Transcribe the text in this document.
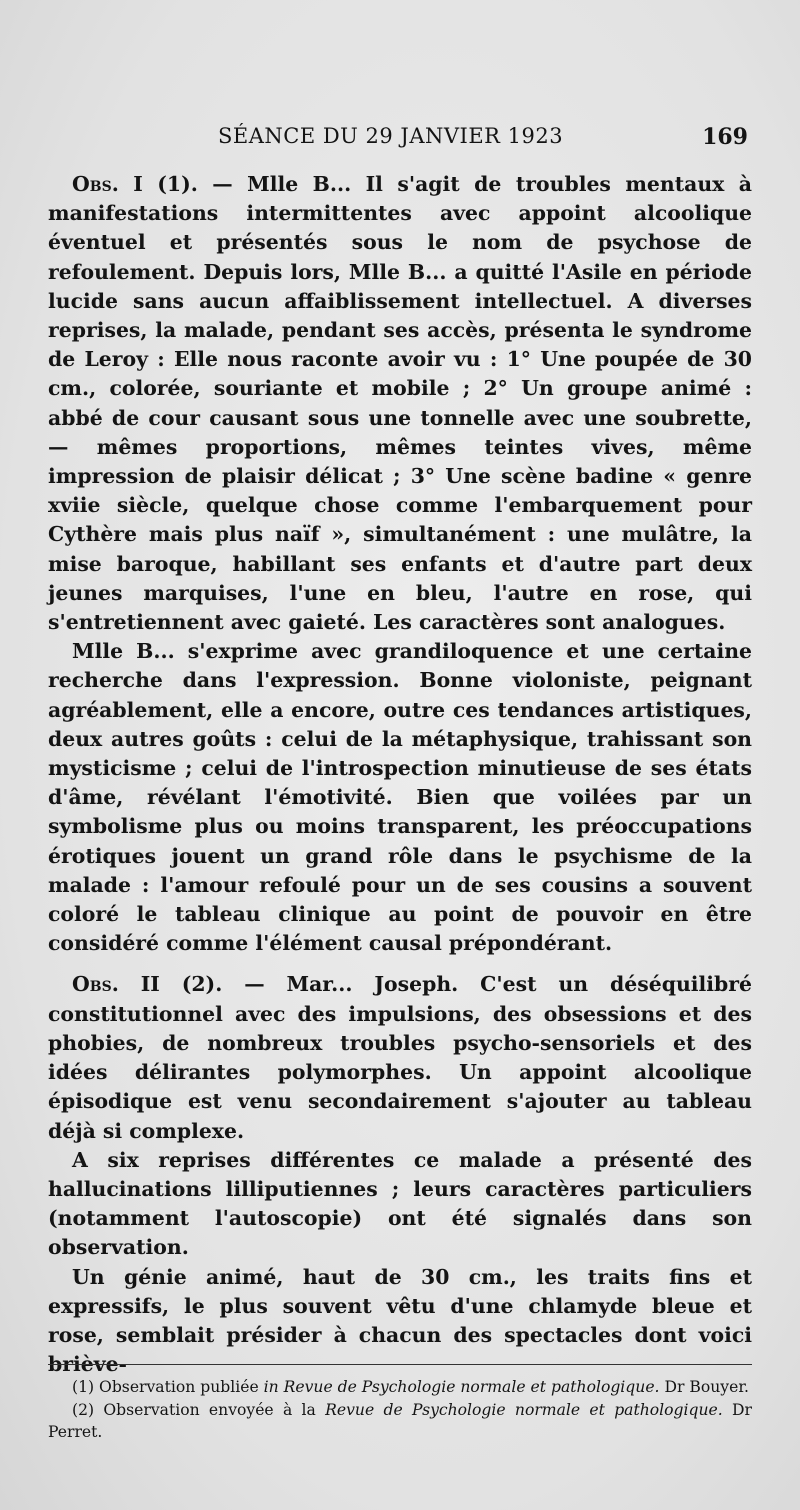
SÉANCE DU 29 JANVIER 1923	169

Obs. I (1). — Mlle B... Il s'agit de troubles mentaux à manifestations intermittentes avec appoint alcoolique éventuel et présentés sous le nom de psychose de refoulement. Depuis lors, Mlle B... a quitté l'Asile en période lucide sans aucun affaiblissement intellectuel. A diverses reprises, la malade, pendant ses accès, présenta le syndrome de Leroy : Elle nous raconte avoir vu : 1° Une poupée de 30 cm., colorée, souriante et mobile ; 2° Un groupe animé : abbé de cour causant sous une tonnelle avec une soubrette, — mêmes proportions, mêmes teintes vives, même impression de plaisir délicat ; 3° Une scène badine « genre xviie siècle, quelque chose comme l'embarquement pour Cythère mais plus naïf », simultanément : une mulâtre, la mise baroque, habillant ses enfants et d'autre part deux jeunes marquises, l'une en bleu, l'autre en rose, qui s'entretiennent avec gaieté. Les caractères sont analogues.

Mlle B... s'exprime avec grandiloquence et une certaine recherche dans l'expression. Bonne violoniste, peignant agréablement, elle a encore, outre ces tendances artistiques, deux autres goûts : celui de la métaphysique, trahissant son mysticisme ; celui de l'introspection minutieuse de ses états d'âme, révélant l'émotivité. Bien que voilées par un symbolisme plus ou moins transparent, les préoccupations érotiques jouent un grand rôle dans le psychisme de la malade : l'amour refoulé pour un de ses cousins a souvent coloré le tableau clinique au point de pouvoir en être considéré comme l'élément causal prépondérant.

Obs. II (2). — Mar... Joseph. C'est un déséquilibré constitutionnel avec des impulsions, des obsessions et des phobies, de nombreux troubles psycho-sensoriels et des idées délirantes polymorphes. Un appoint alcoolique épisodique est venu secondairement s'ajouter au tableau déjà si complexe.

A six reprises différentes ce malade a présenté des hallucinations lilliputiennes ; leurs caractères particuliers (notamment l'autoscopie) ont été signalés dans son observation.

Un génie animé, haut de 30 cm., les traits fins et expressifs, le plus souvent vêtu d'une chlamyde bleue et rose, semblait présider à chacun des spectacles dont voici briève-

(1) Observation publiée in Revue de Psychologie normale et pathologique. Dr Bouyer.

(2) Observation envoyée à la Revue de Psychologie normale et pathologique. Dr Perret.
